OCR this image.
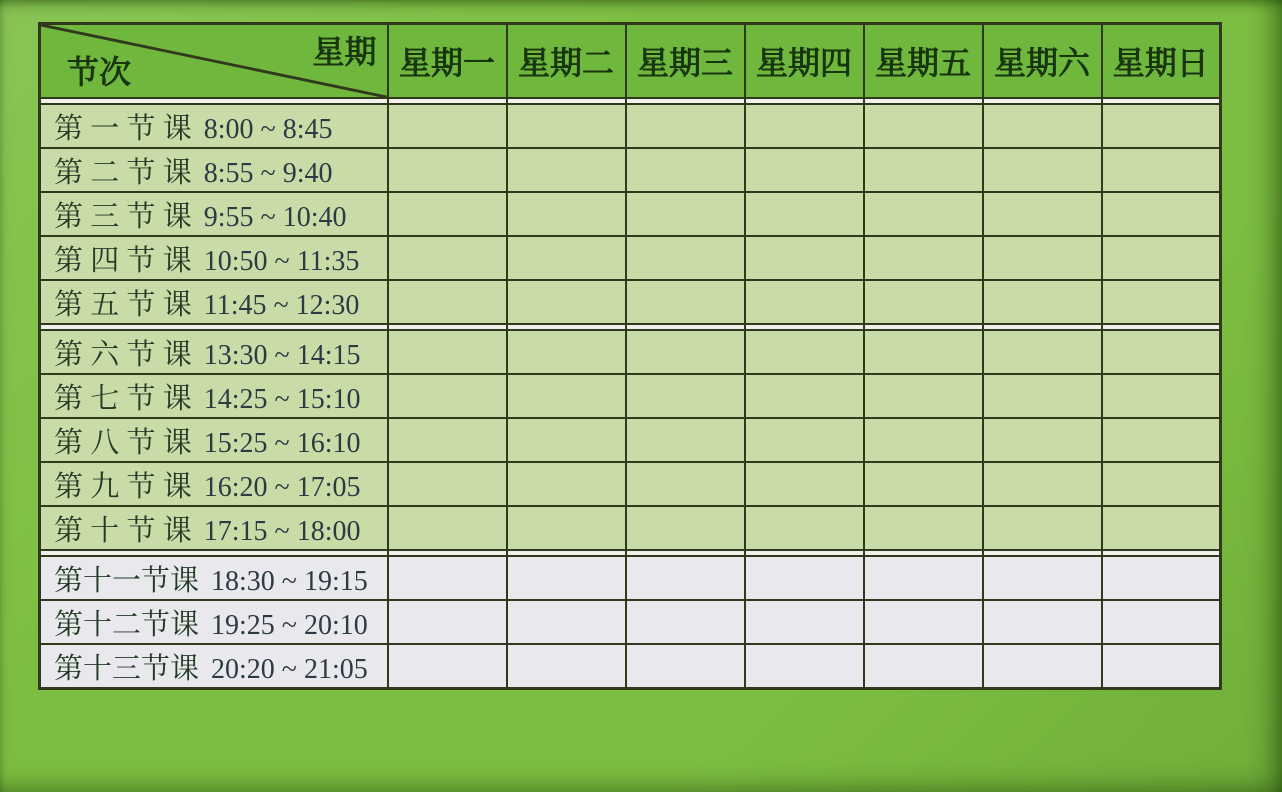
星期
节次	星期一	星期二	星期三	星期四	星期五	星期六	星期日

第 一 节 课 8:00 ~ 8:45							
第 二 节 课 8:55 ~ 9:40							
第 三 节 课 9:55 ~ 10:40							
第 四 节 课 10:50 ~ 11:35							
第 五 节 课 11:45 ~ 12:30							

第 六 节 课 13:30 ~ 14:15							
第 七 节 课 14:25 ~ 15:10							
第 八 节 课 15:25 ~ 16:10							
第 九 节 课 16:20 ~ 17:05							
第 十 节 课 17:15 ~ 18:00							

第十一节课 18:30 ~ 19:15							
第十二节课 19:25 ~ 20:10							
第十三节课 20:20 ~ 21:05							
